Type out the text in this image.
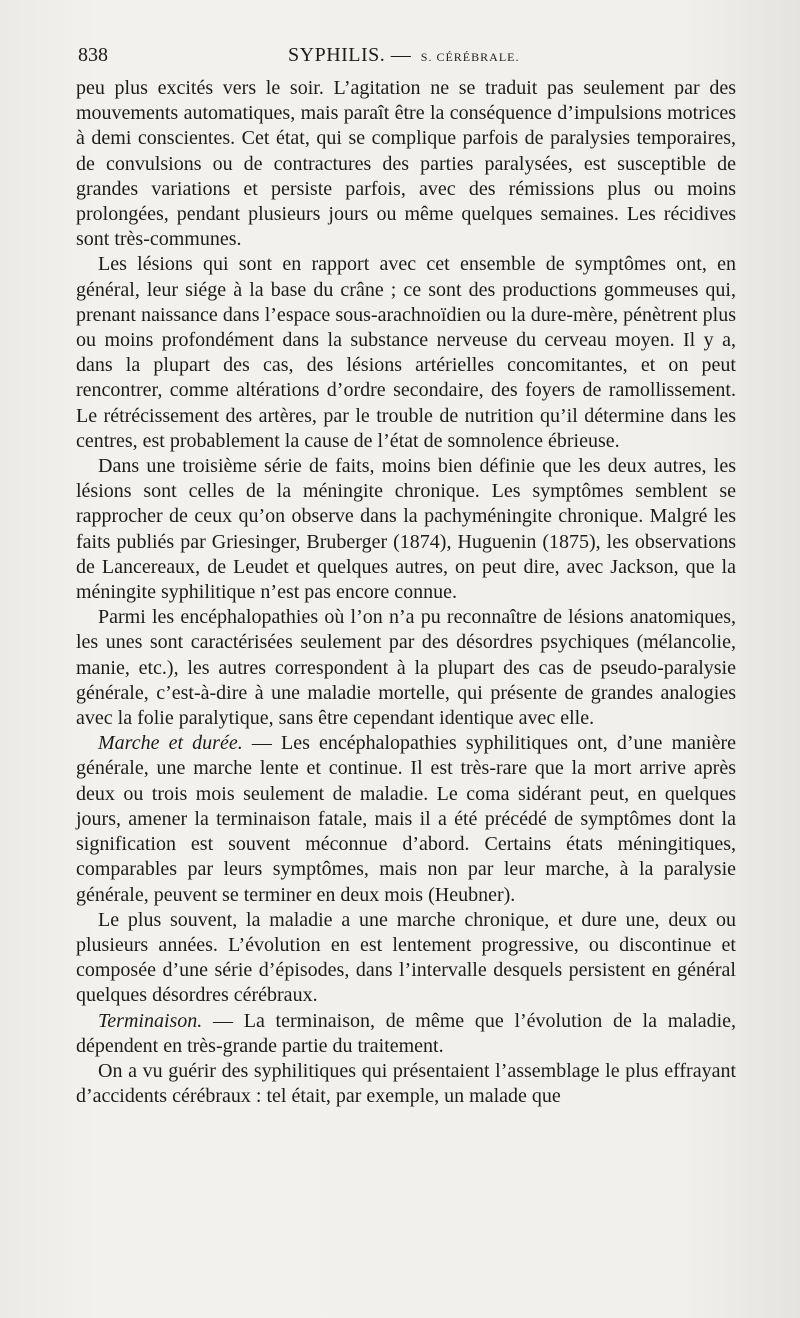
838	SYPHILIS. — S. CÉRÉBRALE.

peu plus excités vers le soir. L’agitation ne se traduit pas seulement par des mouvements automatiques, mais paraît être la conséquence d’impulsions motrices à demi conscientes. Cet état, qui se complique parfois de paralysies temporaires, de convulsions ou de contractures des parties paralysées, est susceptible de grandes variations et persiste parfois, avec des rémissions plus ou moins prolongées, pendant plusieurs jours ou même quelques semaines. Les récidives sont très-communes.

Les lésions qui sont en rapport avec cet ensemble de symptômes ont, en général, leur siége à la base du crâne ; ce sont des productions gommeuses qui, prenant naissance dans l’espace sous-arachnoïdien ou la dure-mère, pénètrent plus ou moins profondément dans la substance nerveuse du cerveau moyen. Il y a, dans la plupart des cas, des lésions artérielles concomitantes, et on peut rencontrer, comme altérations d’ordre secondaire, des foyers de ramollissement. Le rétrécissement des artères, par le trouble de nutrition qu’il détermine dans les centres, est probablement la cause de l’état de somnolence ébrieuse.

Dans une troisième série de faits, moins bien définie que les deux autres, les lésions sont celles de la méningite chronique. Les symptômes semblent se rapprocher de ceux qu’on observe dans la pachyméningite chronique. Malgré les faits publiés par Griesinger, Bruberger (1874), Huguenin (1875), les observations de Lancereaux, de Leudet et quelques autres, on peut dire, avec Jackson, que la méningite syphilitique n’est pas encore connue.

Parmi les encéphalopathies où l’on n’a pu reconnaître de lésions anatomiques, les unes sont caractérisées seulement par des désordres psychiques (mélancolie, manie, etc.), les autres correspondent à la plupart des cas de pseudo-paralysie générale, c’est-à-dire à une maladie mortelle, qui présente de grandes analogies avec la folie paralytique, sans être cependant identique avec elle.

Marche et durée. — Les encéphalopathies syphilitiques ont, d’une manière générale, une marche lente et continue. Il est très-rare que la mort arrive après deux ou trois mois seulement de maladie. Le coma sidérant peut, en quelques jours, amener la terminaison fatale, mais il a été précédé de symptômes dont la signification est souvent méconnue d’abord. Certains états méningitiques, comparables par leurs symptômes, mais non par leur marche, à la paralysie générale, peuvent se terminer en deux mois (Heubner).

Le plus souvent, la maladie a une marche chronique, et dure une, deux ou plusieurs années. L’évolution en est lentement progressive, ou discontinue et composée d’une série d’épisodes, dans l’intervalle desquels persistent en général quelques désordres cérébraux.

Terminaison. — La terminaison, de même que l’évolution de la maladie, dépendent en très-grande partie du traitement.

On a vu guérir des syphilitiques qui présentaient l’assemblage le plus effrayant d’accidents cérébraux : tel était, par exemple, un malade que
